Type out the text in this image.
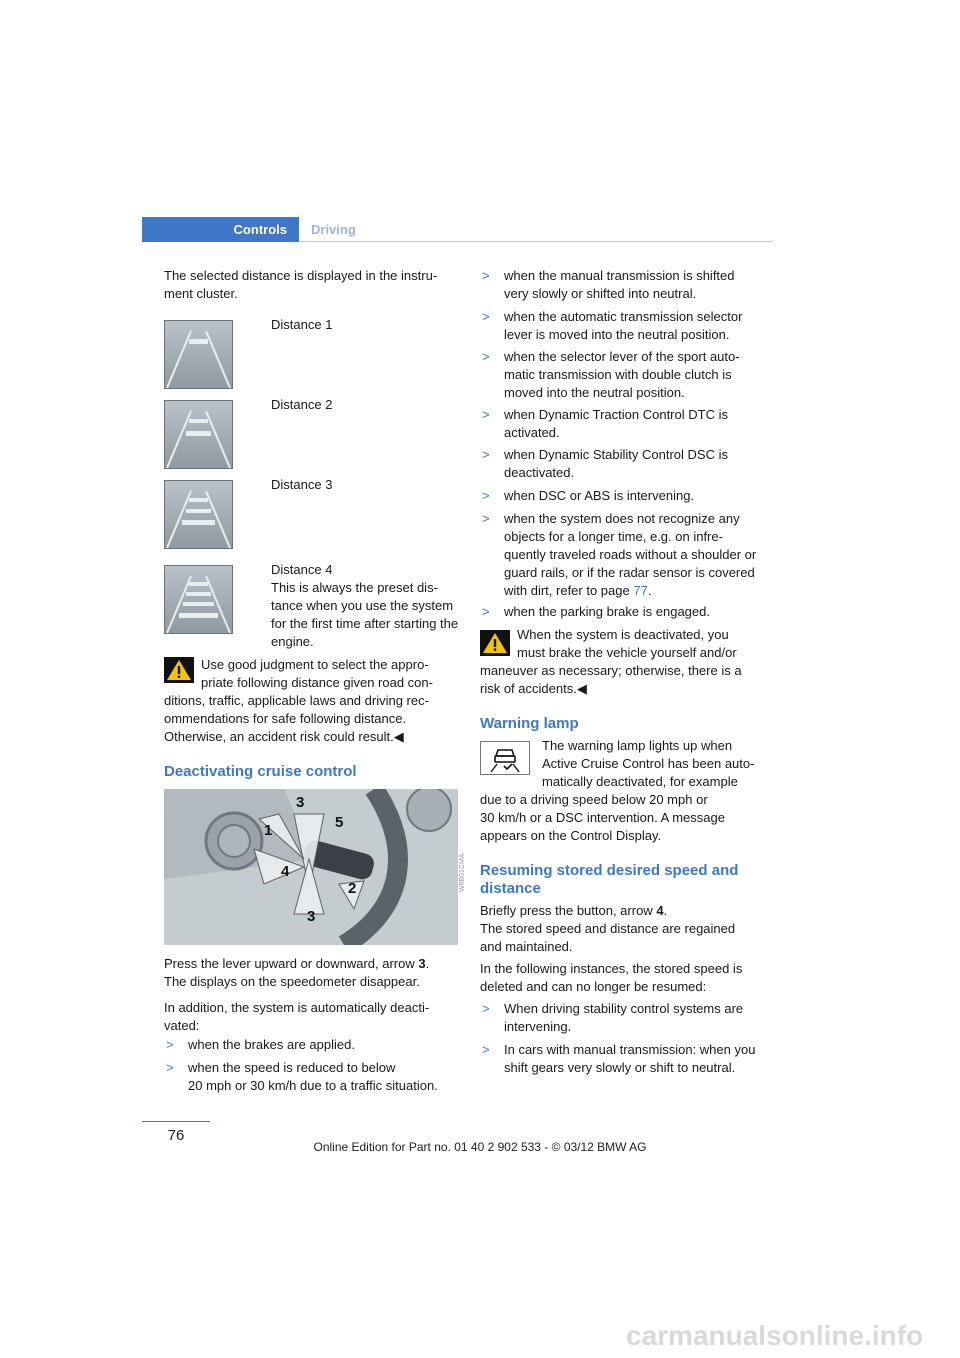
Controls	Driving
The selected distance is displayed in the instru-
ment cluster.
Distance 1
Distance 2
Distance 3
Distance 4
This is always the preset dis-
tance when you use the system
for the first time after starting the
engine.
Use good judgment to select the appro-
priate following distance given road con-
ditions, traffic, applicable laws and driving rec-
ommendations for safe following distance.
Otherwise, an accident risk could result.◀
Deactivating cruise control
1
2
3
3
4
5
W6B01CMA
Press the lever upward or downward, arrow 3.
The displays on the speedometer disappear.
In addition, the system is automatically deacti-
vated:
> when the brakes are applied.
> when the speed is reduced to below
20 mph or 30 km/h due to a traffic situation.
> when the manual transmission is shifted
very slowly or shifted into neutral.
> when the automatic transmission selector
lever is moved into the neutral position.
> when the selector lever of the sport auto-
matic transmission with double clutch is
moved into the neutral position.
> when Dynamic Traction Control DTC is
activated.
> when Dynamic Stability Control DSC is
deactivated.
> when DSC or ABS is intervening.
> when the system does not recognize any
objects for a longer time, e.g. on infre-
quently traveled roads without a shoulder or
guard rails, or if the radar sensor is covered
with dirt, refer to page 77.
> when the parking brake is engaged.
When the system is deactivated, you
must brake the vehicle yourself and/or
maneuver as necessary; otherwise, there is a
risk of accidents.◀
Warning lamp
The warning lamp lights up when
Active Cruise Control has been auto-
matically deactivated, for example
due to a driving speed below 20 mph or
30 km/h or a DSC intervention. A message
appears on the Control Display.
Resuming stored desired speed and
distance
Briefly press the button, arrow 4.
The stored speed and distance are regained
and maintained.
In the following instances, the stored speed is
deleted and can no longer be resumed:
> When driving stability control systems are
intervening.
> In cars with manual transmission: when you
shift gears very slowly or shift to neutral.
76
Online Edition for Part no. 01 40 2 902 533 - © 03/12 BMW AG
carmanualsonline.info
